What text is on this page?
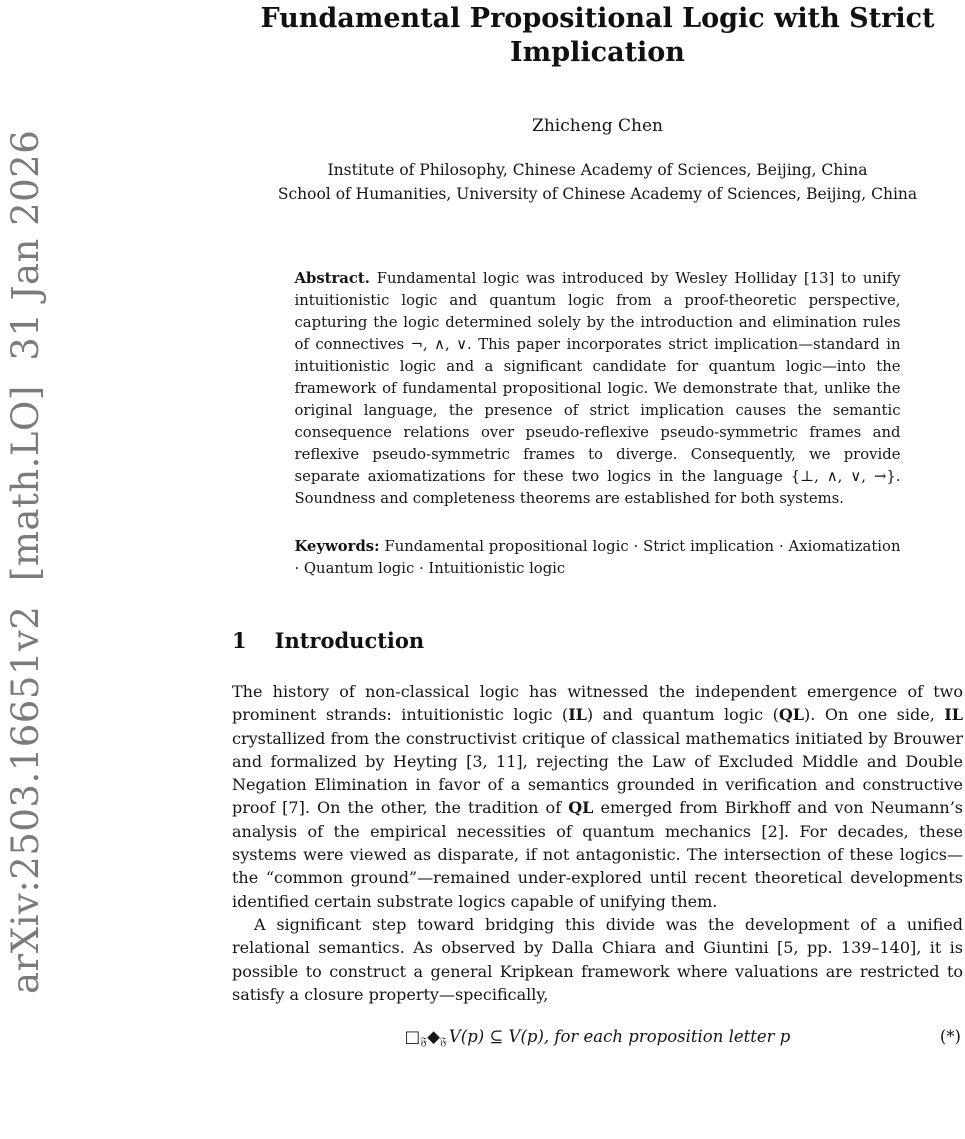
arXiv:2503.16651v2  [math.LO]  31 Jan 2026
Fundamental Propositional Logic with Strict
Implication
Zhicheng Chen
Institute of Philosophy, Chinese Academy of Sciences, Beijing, China
School of Humanities, University of Chinese Academy of Sciences, Beijing, China
Abstract. Fundamental logic was introduced by Wesley Holliday [13] to unify intuitionistic logic and quantum logic from a proof-theoretic perspective, capturing the logic determined solely by the introduction and elimination rules of connectives ¬, ∧, ∨. This paper incorporates strict implication—standard in intuitionistic logic and a significant candidate for quantum logic—into the framework of fundamental propositional logic. We demonstrate that, unlike the original language, the presence of strict implication causes the semantic consequence relations over pseudo-reflexive pseudo-symmetric frames and reflexive pseudo-symmetric frames to diverge. Consequently, we provide separate axiomatizations for these two logics in the language {⊥, ∧, ∨, →}. Soundness and completeness theorems are established for both systems.
Keywords: Fundamental propositional logic · Strict implication · Axiomatization · Quantum logic · Intuitionistic logic
1 Introduction

The history of non-classical logic has witnessed the independent emergence of two prominent strands: intuitionistic logic (IL) and quantum logic (QL). On one side, IL crystallized from the constructivist critique of classical mathematics initiated by Brouwer and formalized by Heyting [3, 11], rejecting the Law of Excluded Middle and Double Negation Elimination in favor of a semantics grounded in verification and constructive proof [7]. On the other, the tradition of QL emerged from Birkhoff and von Neumann’s analysis of the empirical necessities of quantum mechanics [2]. For decades, these systems were viewed as disparate, if not antagonistic. The intersection of these logics—the “common ground”—remained under-explored until recent theoretical developments identified certain substrate logics capable of unifying them.

A significant step toward bridging this divide was the development of a unified relational semantics. As observed by Dalla Chiara and Giuntini [5, pp. 139–140], it is possible to construct a general Kripkean framework where valuations are restricted to satisfy a closure property—specifically,

$□_𝔉◆_𝔉$ V(p) ⊆ V(p), for each proposition letter p	(*)
